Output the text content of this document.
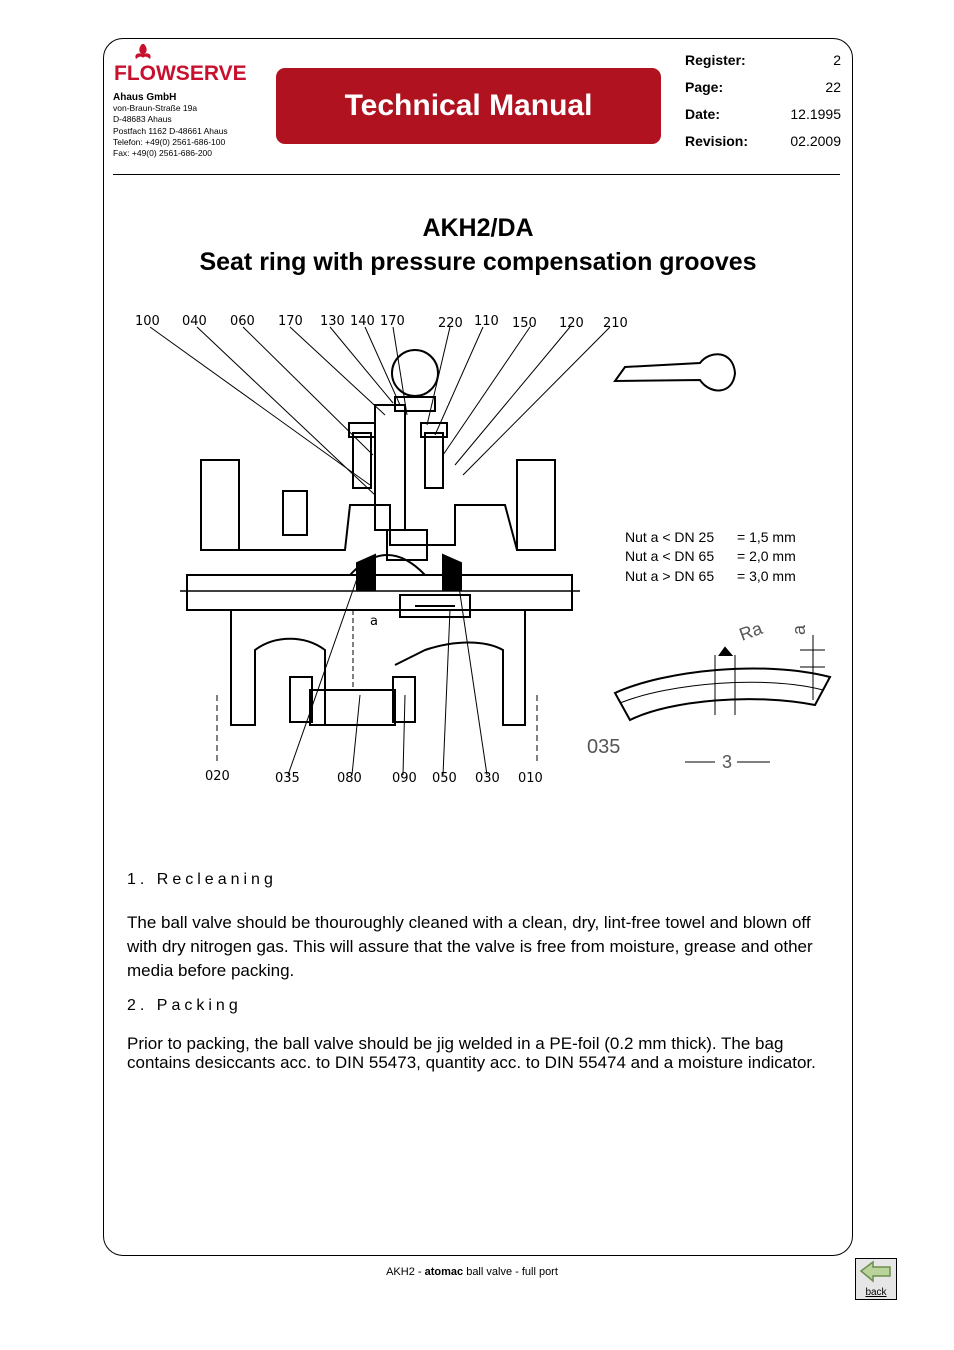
FLOWSERVE
Ahaus GmbH
von-Braun-Straße 19a
D-48683 Ahaus
Postfach 1162 D-48661 Ahaus
Telefon: +49(0) 2561-686-100
Fax: +49(0) 2561-686-200
Technical Manual
Register:	2
Page:	22
Date:	12.1995
Revision:	02.2009
AKH2/DA
Seat ring with pressure compensation grooves
100 040 060 170 130 140 170	220 110 150 120 210
020	035	080 090 050 030 010
a
Nut a < DN 25 = 1,5 mm
Nut a < DN 65 = 2,0 mm
Nut a > DN 65 = 3,0 mm
035
Ra a
3
1. Recleaning
The ball valve should be thouroughly cleaned with a clean, dry, lint-free towel and blown off with dry nitrogen gas. This will assure that the valve is free from moisture, grease and other media before packing.
2. Packing
Prior to packing, the ball valve should be jig welded in a PE-foil (0.2 mm thick). The bag contains desiccants acc. to DIN 55473, quantity acc. to DIN 55474 and a moisture indicator.
AKH2 - atomac ball valve - full port
back
